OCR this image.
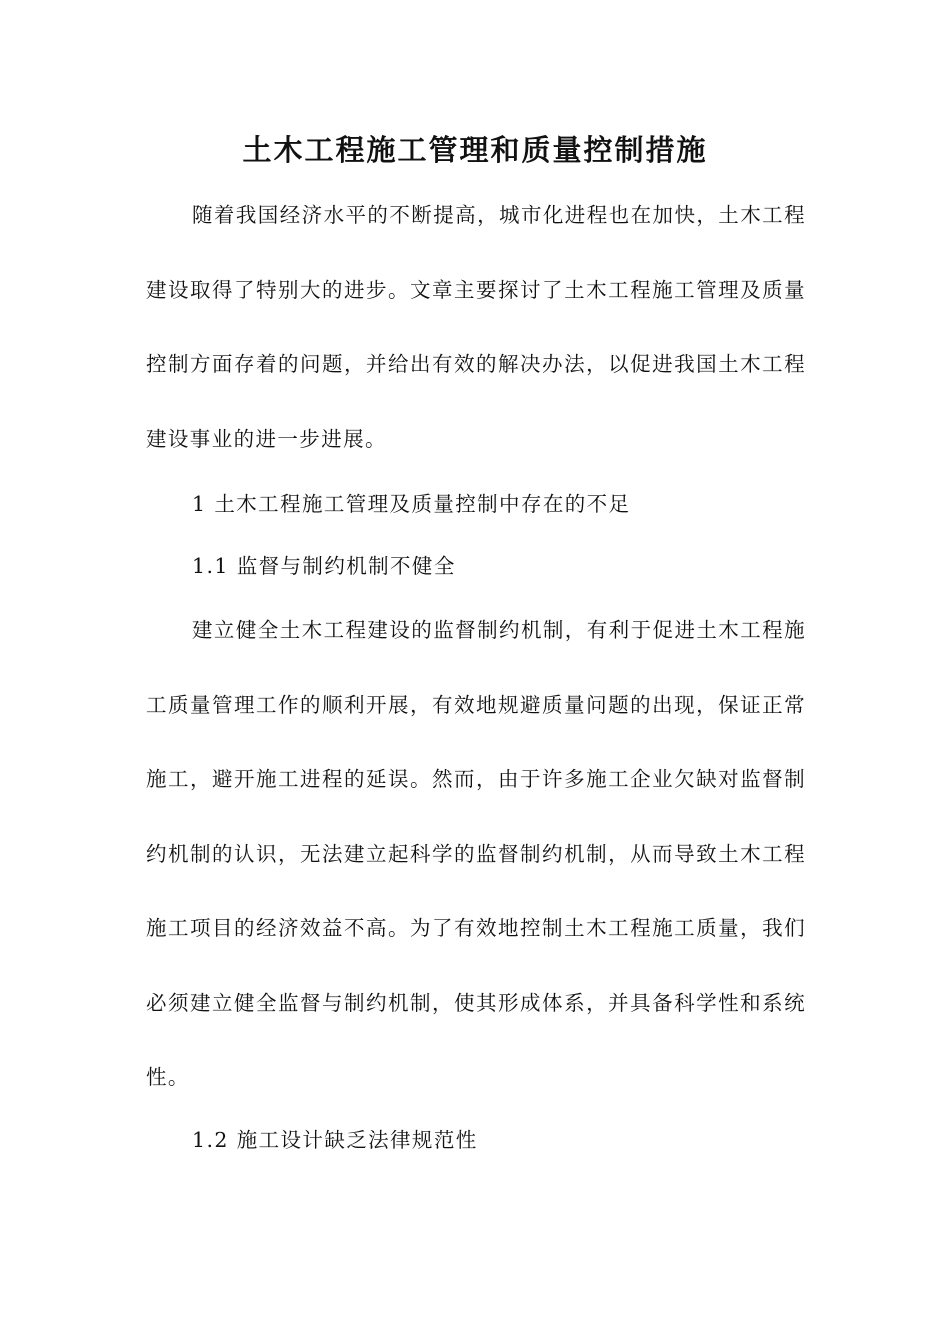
土木工程施工管理和质量控制措施

随着我国经济水平的不断提高，城市化进程也在加快，土木工程建设取得了特别大的进步。文章主要探讨了土木工程施工管理及质量控制方面存着的问题，并给出有效的解决办法，以促进我国土木工程建设事业的进一步进展。

1 土木工程施工管理及质量控制中存在的不足

1.1 监督与制约机制不健全

建立健全土木工程建设的监督制约机制，有利于促进土木工程施工质量管理工作的顺利开展，有效地规避质量问题的出现，保证正常施工，避开施工进程的延误。然而，由于许多施工企业欠缺对监督制约机制的认识，无法建立起科学的监督制约机制，从而导致土木工程施工项目的经济效益不高。为了有效地控制土木工程施工质量，我们必须建立健全监督与制约机制，使其形成体系，并具备科学性和系统性。

1.2 施工设计缺乏法律规范性
